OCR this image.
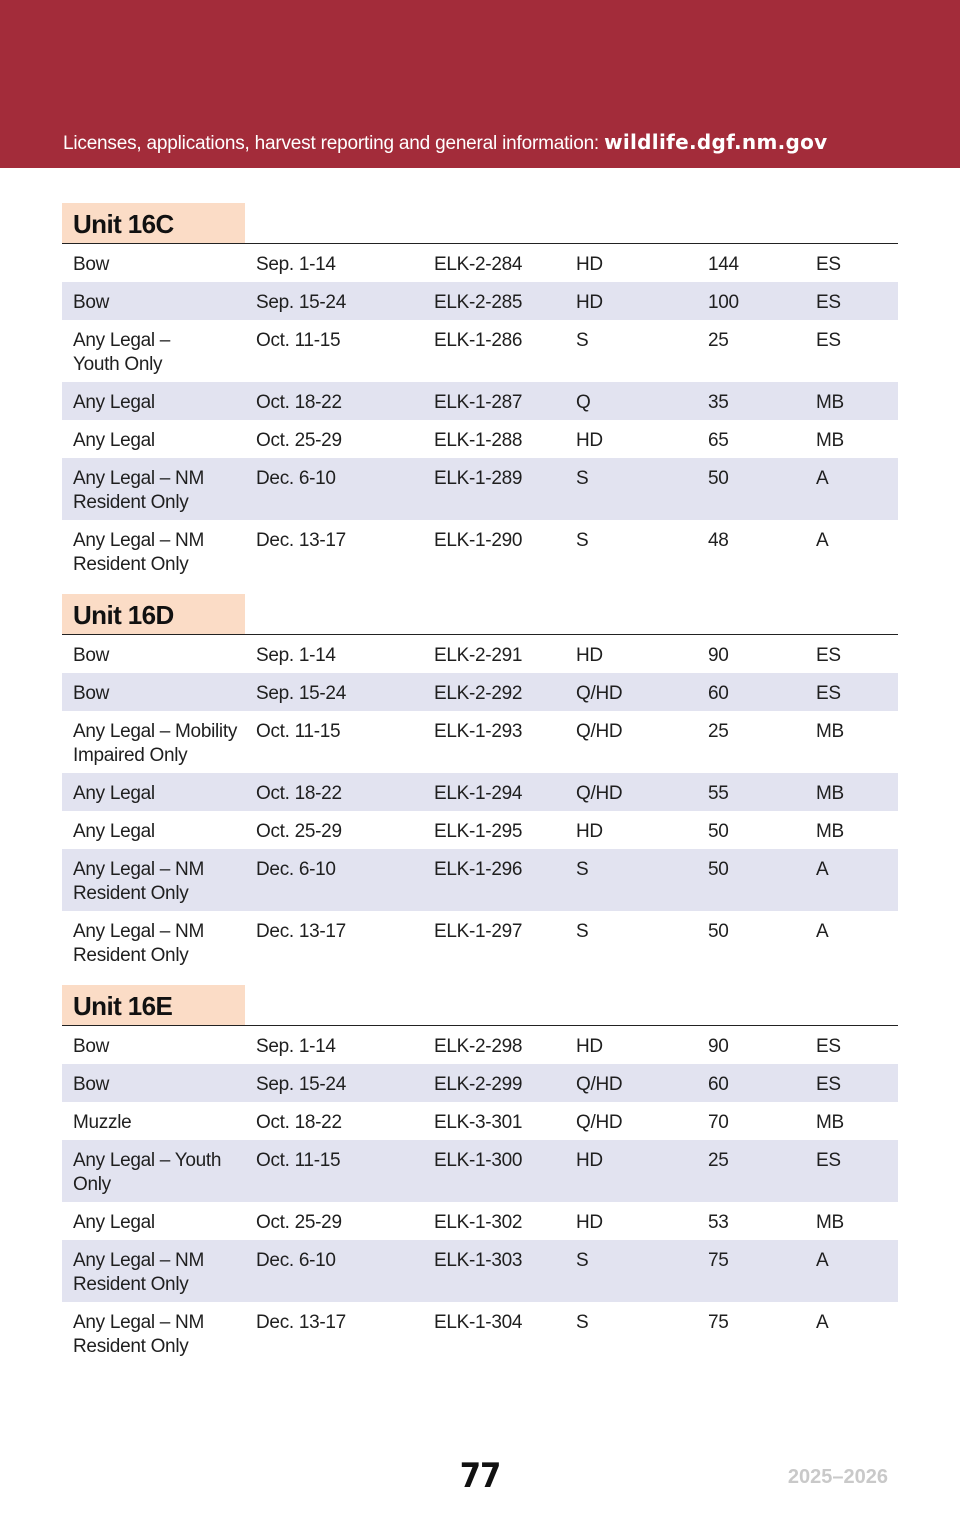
Licenses, applications, harvest reporting and general information: wildlife.dgf.nm.gov
Unit 16C
Bow	Sep. 1-14	ELK-2-284	HD	144	ES
Bow	Sep. 15-24	ELK-2-285	HD	100	ES
Any Legal –
Youth Only	Oct. 11-15	ELK-1-286	S	25	ES
Any Legal	Oct. 18-22	ELK-1-287	Q	35	MB
Any Legal	Oct. 25-29	ELK-1-288	HD	65	MB
Any Legal – NM
Resident Only	Dec. 6-10	ELK-1-289	S	50	A
Any Legal – NM
Resident Only	Dec. 13-17	ELK-1-290	S	48	A
Unit 16D
Bow	Sep. 1-14	ELK-2-291	HD	90	ES
Bow	Sep. 15-24	ELK-2-292	Q/HD	60	ES
Any Legal – Mobility
Impaired Only	Oct. 11-15	ELK-1-293	Q/HD	25	MB
Any Legal	Oct. 18-22	ELK-1-294	Q/HD	55	MB
Any Legal	Oct. 25-29	ELK-1-295	HD	50	MB
Any Legal – NM
Resident Only	Dec. 6-10	ELK-1-296	S	50	A
Any Legal – NM
Resident Only	Dec. 13-17	ELK-1-297	S	50	A
Unit 16E
Bow	Sep. 1-14	ELK-2-298	HD	90	ES
Bow	Sep. 15-24	ELK-2-299	Q/HD	60	ES
Muzzle	Oct. 18-22	ELK-3-301	Q/HD	70	MB
Any Legal – Youth
Only	Oct. 11-15	ELK-1-300	HD	25	ES
Any Legal	Oct. 25-29	ELK-1-302	HD	53	MB
Any Legal – NM
Resident Only	Dec. 6-10	ELK-1-303	S	75	A
Any Legal – NM
Resident Only	Dec. 13-17	ELK-1-304	S	75	A
77	2025–2026
